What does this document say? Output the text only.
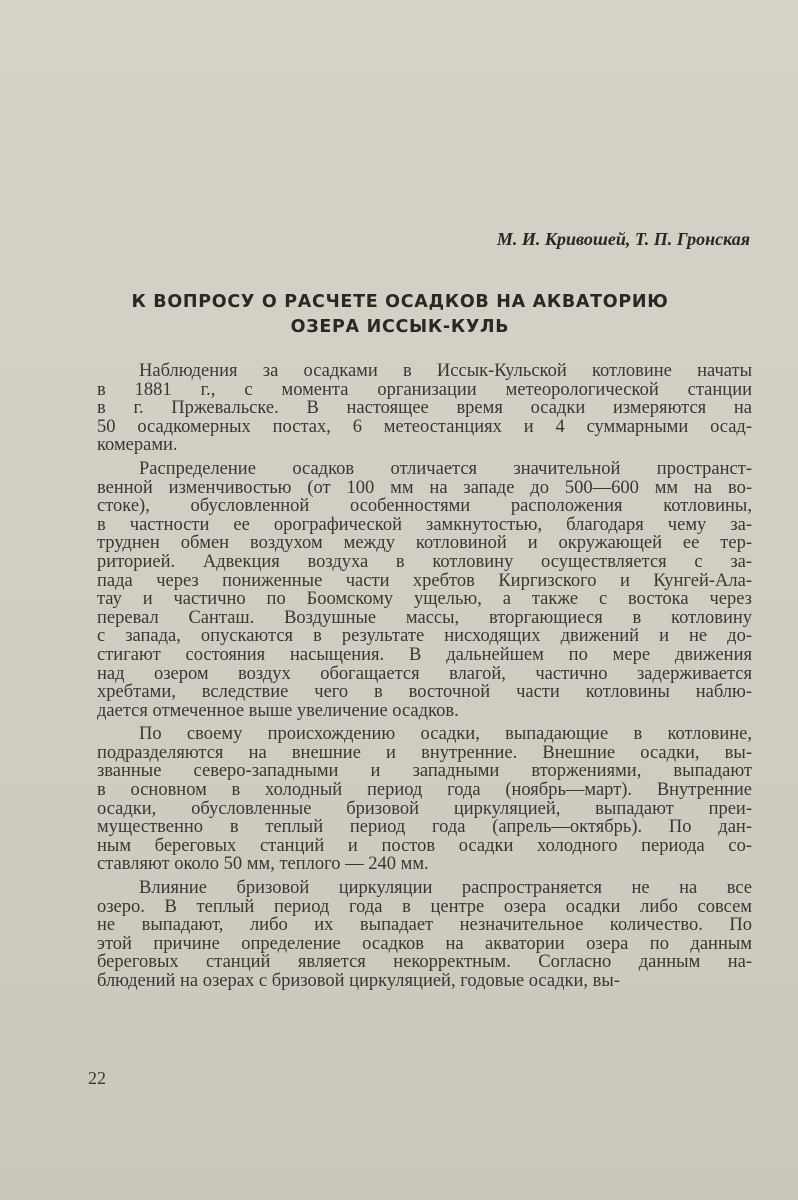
М. И. Кривошей, Т. П. Гронская
К ВОПРОСУ О РАСЧЕТЕ ОСАДКОВ НА АКВАТОРИЮ
ОЗЕРА ИССЫК-КУЛЬ
Наблюдения за осадками в Иссык-Кульской котловине начаты
в 1881 г., с момента организации метеорологической станции
в г. Пржевальске. В настоящее время осадки измеряются на
50 осадкомерных постах, 6 метеостанциях и 4 суммарными осад-
комерами.
Распределение осадков отличается значительной пространст-
венной изменчивостью (от 100 мм на западе до 500—600 мм на во-
стоке), обусловленной особенностями расположения котловины,
в частности ее орографической замкнутостью, благодаря чему за-
труднен обмен воздухом между котловиной и окружающей ее тер-
риторией. Адвекция воздуха в котловину осуществляется с за-
пада через пониженные части хребтов Киргизского и Кунгей-Ала-
тау и частично по Боомскому ущелью, а также с востока через
перевал Санташ. Воздушные массы, вторгающиеся в котловину
с запада, опускаются в результате нисходящих движений и не до-
стигают состояния насыщения. В дальнейшем по мере движения
над озером воздух обогащается влагой, частично задерживается
хребтами, вследствие чего в восточной части котловины наблю-
дается отмеченное выше увеличение осадков.
По своему происхождению осадки, выпадающие в котловине,
подразделяются на внешние и внутренние. Внешние осадки, вы-
званные северо-западными и западными вторжениями, выпадают
в основном в холодный период года (ноябрь—март). Внутренние
осадки, обусловленные бризовой циркуляцией, выпадают преи-
мущественно в теплый период года (апрель—октябрь). По дан-
ным береговых станций и постов осадки холодного периода со-
ставляют около 50 мм, теплого — 240 мм.
Влияние бризовой циркуляции распространяется не на все
озеро. В теплый период года в центре озера осадки либо совсем
не выпадают, либо их выпадает незначительное количество. По
этой причине определение осадков на акватории озера по данным
береговых станций является некорректным. Согласно данным на-
блюдений на озерах с бризовой циркуляцией, годовые осадки, вы-
22
